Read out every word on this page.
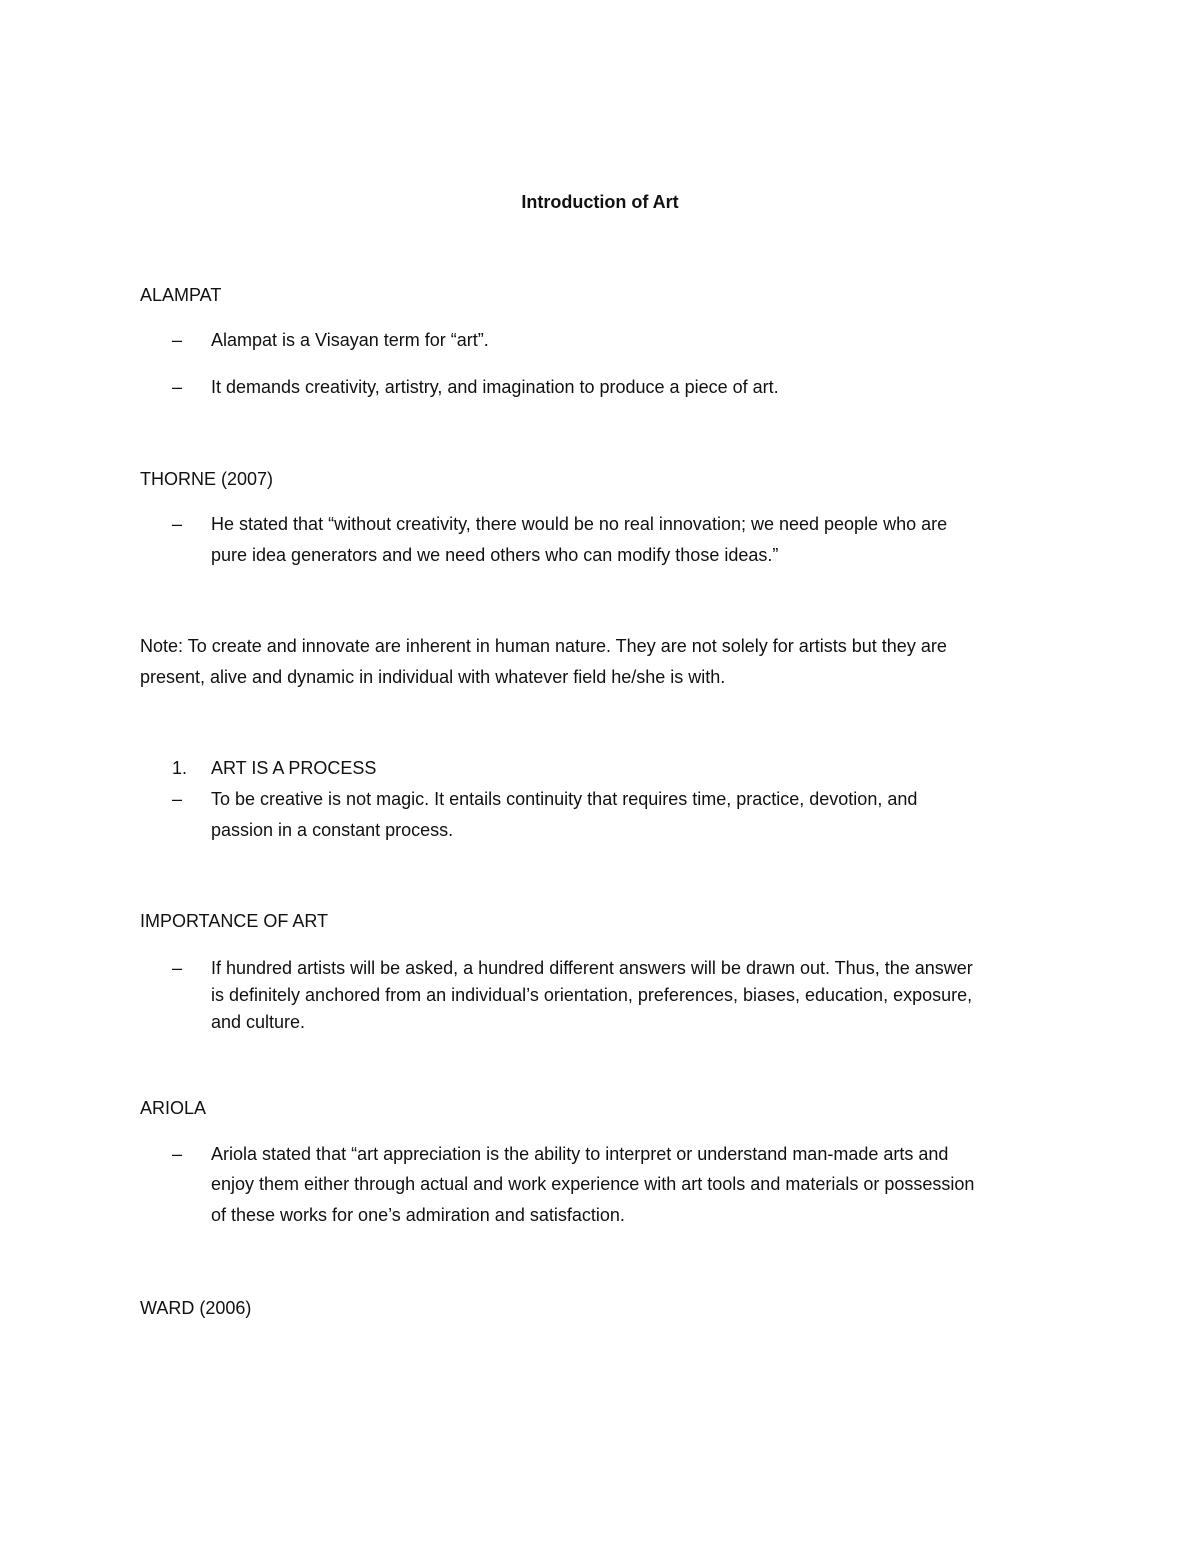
Introduction of Art
ALAMPAT
–	Alampat is a Visayan term for “art”.
–	It demands creativity, artistry, and imagination to produce a piece of art.
THORNE (2007)
–	He stated that “without creativity, there would be no real innovation; we need people who are
pure idea generators and we need others who can modify those ideas.”
Note: To create and innovate are inherent in human nature. They are not solely for artists but they are
present, alive and dynamic in individual with whatever field he/she is with.
1. ART IS A PROCESS
–	To be creative is not magic. It entails continuity that requires time, practice, devotion, and
passion in a constant process.
IMPORTANCE OF ART
–	If hundred artists will be asked, a hundred different answers will be drawn out. Thus, the answer
is definitely anchored from an individual’s orientation, preferences, biases, education, exposure,
and culture.
ARIOLA
–	Ariola stated that “art appreciation is the ability to interpret or understand man-made arts and
enjoy them either through actual and work experience with art tools and materials or possession
of these works for one’s admiration and satisfaction.
WARD (2006)
